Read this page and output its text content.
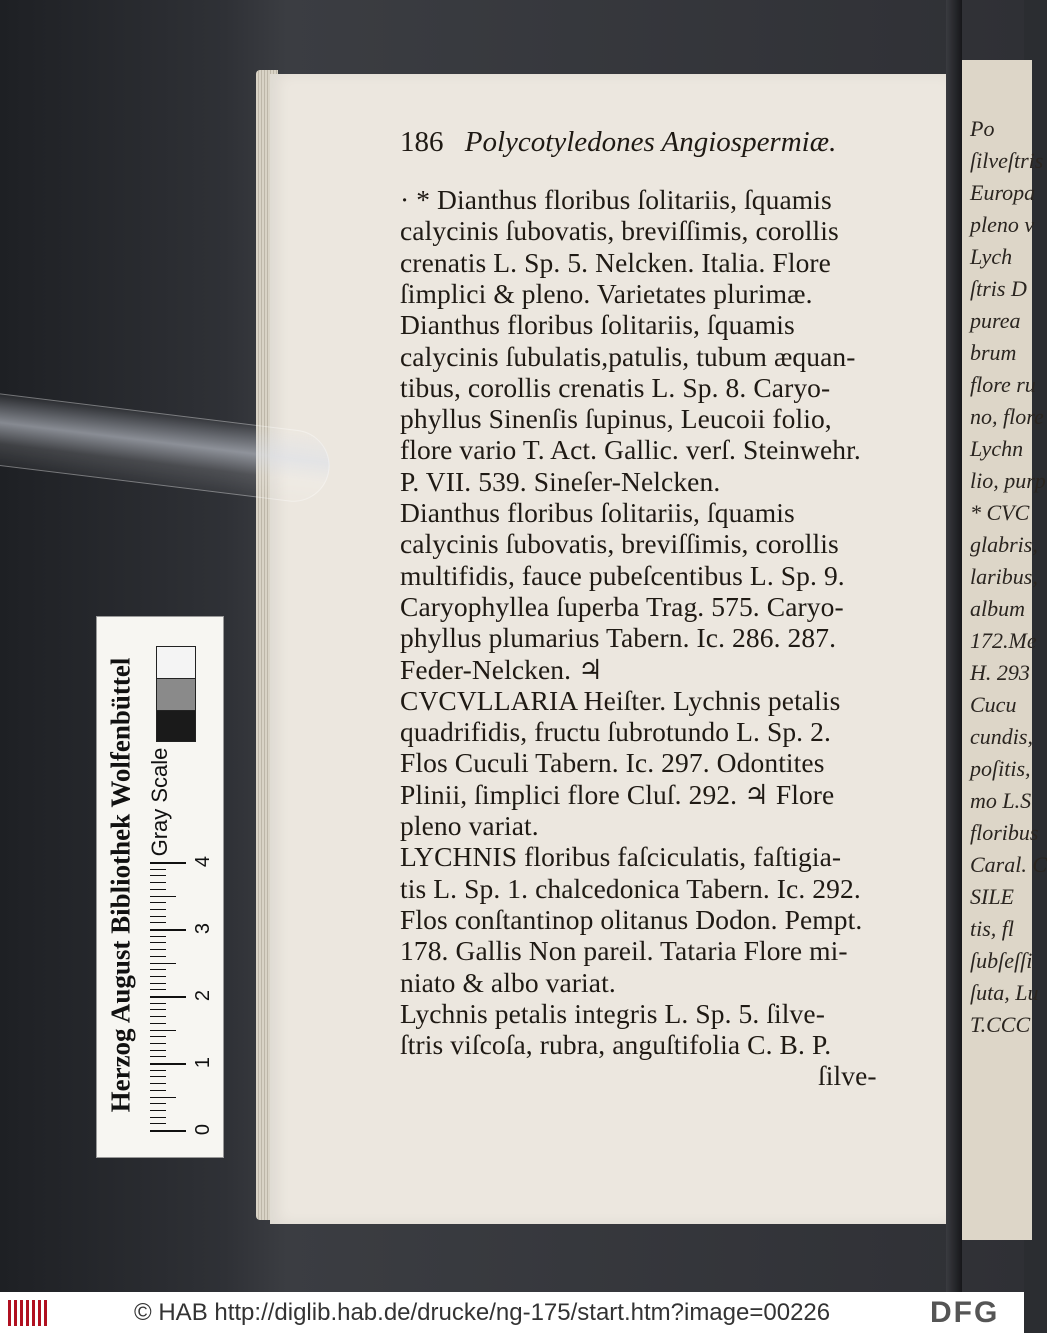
Po
ſilveſtris
Europa
pleno v
Lych
ſtris D
purea
brum
flore ru
no, flore
Lychn
lio, purp
* CVC
glabris,
laribus,
album
172.Me
H. 293
Cucu
cundis,
poſitis,
mo L.S
floribus
Caral. C
SILE
tis, fl
ſubſeſſi
ſuta, Lu
T.CCC
186 Polycotyledones Angiospermiæ.
· * Dianthus floribus ſolitariis, ſquamis
calycinis ſubovatis, breviſſimis, corollis
crenatis L. Sp. 5. Nelcken. Italia. Flore
ſimplici & pleno. Varietates plurimæ.
Dianthus floribus ſolitariis, ſquamis
calycinis ſubulatis,patulis, tubum æquan-
tibus, corollis crenatis L. Sp. 8. Caryo-
phyllus Sinenſis ſupinus, Leucoii folio,
flore vario T. Act. Gallic. verſ. Steinwehr.
P. VII. 539. Sineſer-Nelcken.
Dianthus floribus ſolitariis, ſquamis
calycinis ſubovatis, breviſſimis, corollis
multifidis, fauce pubeſcentibus L. Sp. 9.
Caryophyllea ſuperba Trag. 575. Caryo-
phyllus plumarius Tabern. Ic. 286. 287.
Feder-Nelcken. ♃
CVCVLLARIA Heiſter. Lychnis petalis
quadrifidis, fructu ſubrotundo L. Sp. 2.
Flos Cuculi Tabern. Ic. 297. Odontites
Plinii, ſimplici flore Cluſ. 292. ♃ Flore
pleno variat.
LYCHNIS floribus faſciculatis, faſtigia-
tis L. Sp. 1. chalcedonica Tabern. Ic. 292.
Flos conſtantinop olitanus Dodon. Pempt.
178. Gallis Non pareil. Tataria Flore mi-
niato & albo variat.
Lychnis petalis integris L. Sp. 5. ſilve-
ſtris viſcoſa, rubra, anguſtifolia C. B. P.
ſilve-
Herzog August Bibliothek Wolfenbüttel Gray Scale
0
1
2
3
4
© HAB http://diglib.hab.de/drucke/ng-175/start.htm?image=00226	DFG
